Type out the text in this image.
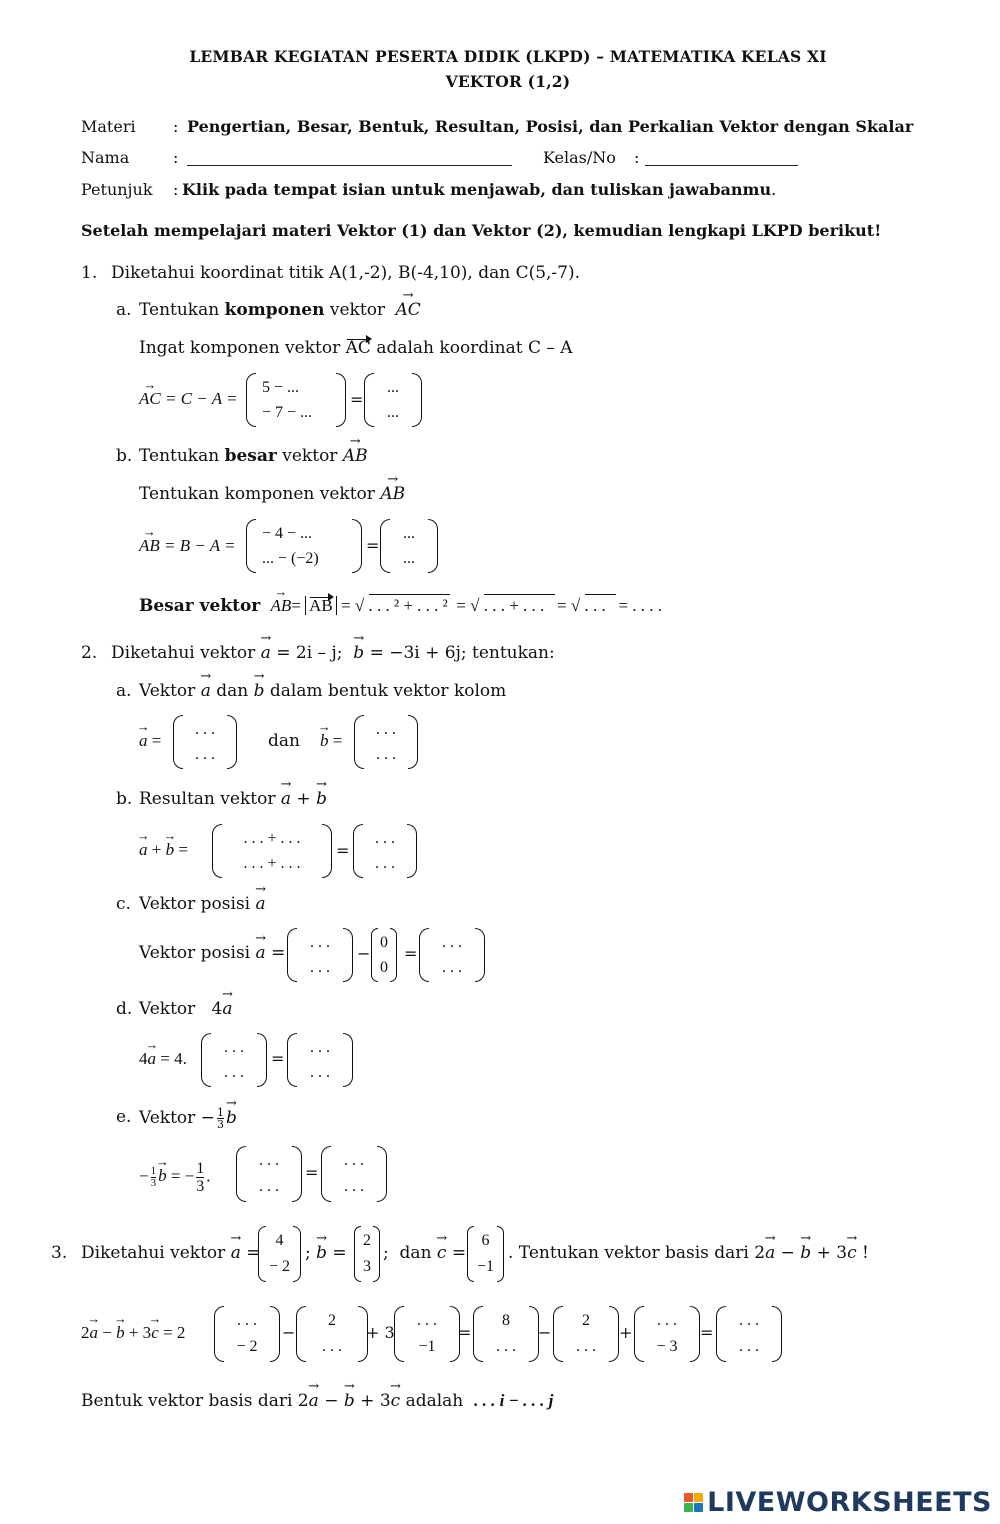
LEMBAR KEGIATAN PESERTA DIDIK (LKPD) – MATEMATIKA KELAS XI
VEKTOR (1,2)
Materi : Pengertian, Besar, Bentuk, Resultan, Posisi, dan Perkalian Vektor dengan Skalar
Nama	:	Kelas/No :
Petunjuk : Klik pada tempat isian untuk menjawab, dan tuliskan jawabanmu.
Setelah mempelajari materi Vektor (1) dan Vektor (2), kemudian lengkapi LKPD berikut!
1. Diketahui koordinat titik A(1,-2), B(-4,10), dan C(5,-7).
a. Tentukan komponen vektor → AC
Ingat komponen vektor AC adalah koordinat C – A
→ AC = C − A =
5 − ...
− 7 − ...
=
...
...
b. Tentukan besar vektor → AB
Tentukan komponen vektor → AB
→ AB = B − A =
− 4 − ...
... − (−2)
=
...
...
Besar vektor → AB= AB = √
. . . ² + . . . ²  = √
. . . + . . .   = √
. . . = . . . .
2. Diketahui vektor → a = 2i – j;  → b = −3i + 6j; tentukan:
a. Vektor → a dan → b dalam bentuk vektor kolom
→ a =
. . .
. . .
dan
→ b =
. . .
. . .
b. Resultan vektor → a + → b
→ a + → b =
. . . + . . .
. . . + . . .
=
. . .
. . .
c. Vektor posisi → a
Vektor posisi → a =
. . .
. . .
−
0
0
=
. . .
. . .
d. Vektor 4→ a
4→ a = 4.
. . .
. . .
=
. . .
. . .
e. Vektor − $\frac{1}{3}$
→ b
− $\frac{1}{3}$
→ b = − $\frac{1}{3}$ .
. . .
. . .
=
. . .
. . .
3. Diketahui vektor → a =
4
− 2
; → b =
2
3
;  dan → c =
6
−1
. Tentukan vektor basis dari 2→ a − → b + 3→ c !
2→ a − → b + 3→ c = 2
. . .
− 2
−
2
. . .
+ 3
. . .
−1
=
8
. . .
−
2
. . .
+
. . .
− 3
=
. . .
. . .
Bentuk vektor basis dari 2→ a − → b + 3→ c adalah . . . i − . . . j
LIVEWORKSHEETS
